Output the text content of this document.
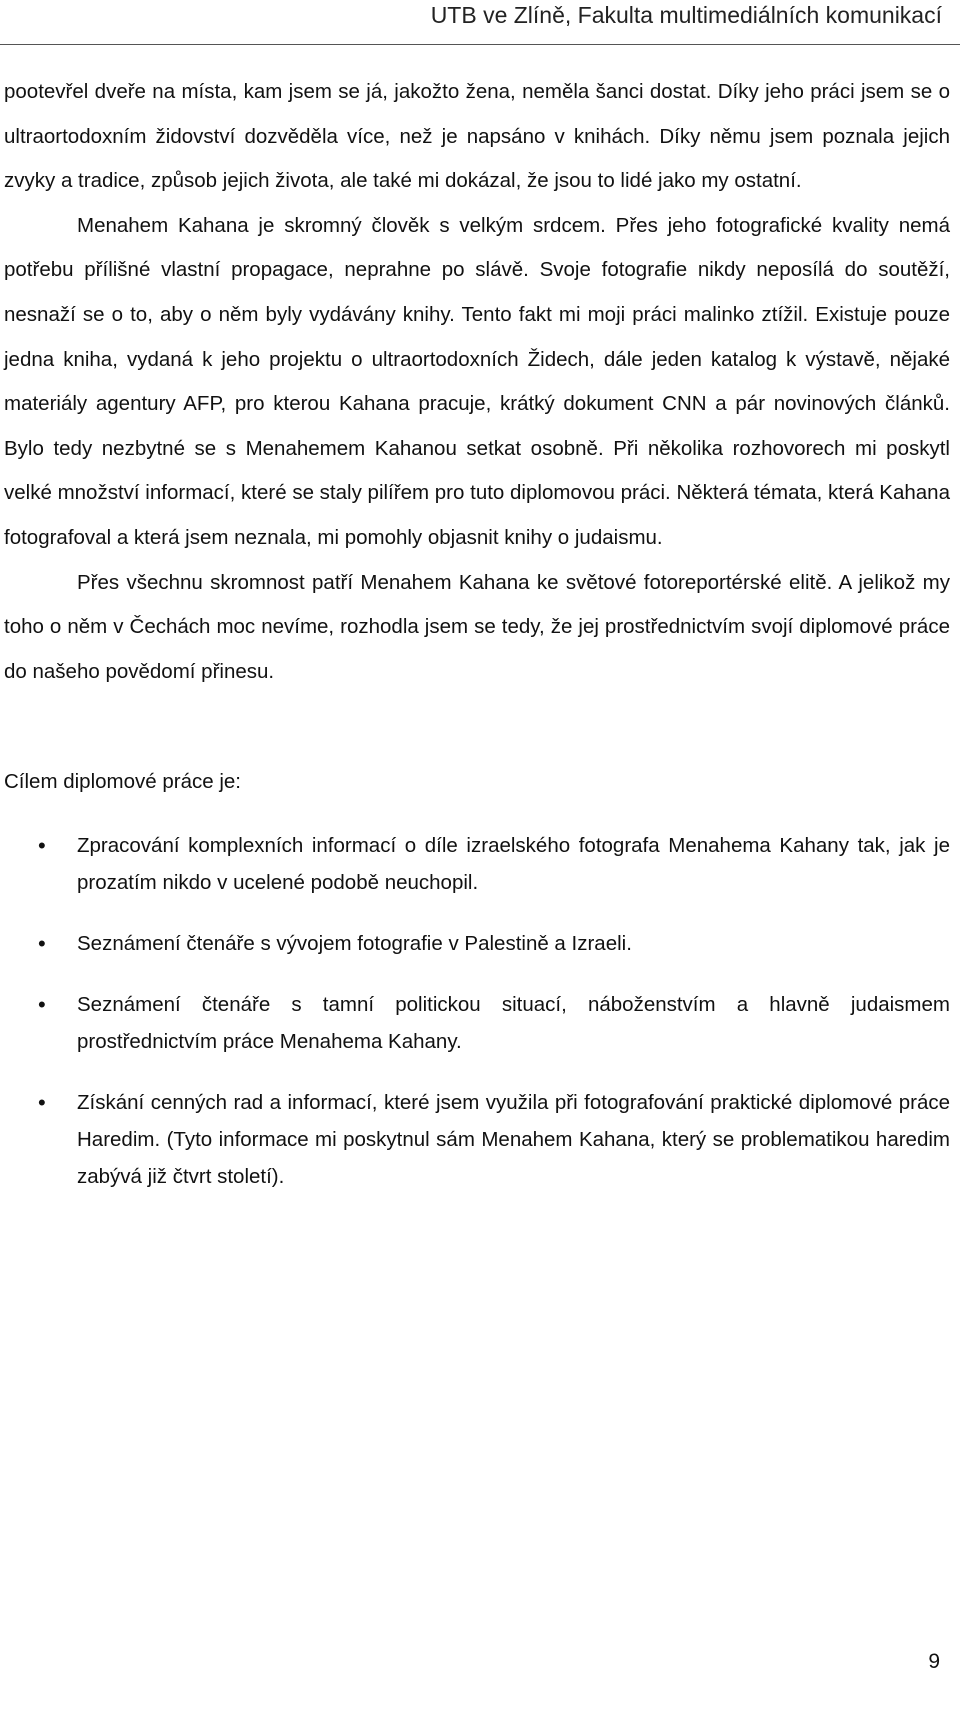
UTB ve Zlíně, Fakulta multimediálních komunikací

pootevřel dveře na místa, kam jsem se já, jakožto žena, neměla šanci dostat. Díky jeho práci jsem se o ultraortodoxním židovství dozvěděla více, než je napsáno v knihách. Díky němu jsem poznala jejich zvyky a tradice, způsob jejich života, ale také mi dokázal, že jsou to lidé jako my ostatní.

Menahem Kahana je skromný člověk s velkým srdcem. Přes jeho fotografické kvality nemá potřebu přílišné vlastní propagace, neprahne po slávě. Svoje fotografie nikdy neposílá do soutěží, nesnaží se o to, aby o něm byly vydávány knihy. Tento fakt mi moji práci malinko ztížil. Existuje pouze jedna kniha, vydaná k jeho projektu o ultraortodoxních Židech, dále jeden katalog k výstavě, nějaké materiály agentury AFP, pro kterou Kahana pracuje, krátký dokument CNN a pár novinových článků. Bylo tedy nezbytné se s Menahemem Kahanou setkat osobně. Při několika rozhovorech mi poskytl velké množství informací, které se staly pilířem pro tuto diplomovou práci. Některá témata, která Kahana fotografoval a která jsem neznala, mi pomohly objasnit knihy o judaismu.

Přes všechnu skromnost patří Menahem Kahana ke světové fotoreportérské elitě. A jelikož my toho o něm v Čechách moc nevíme, rozhodla jsem se tedy, že jej prostřednictvím svojí diplomové práce do našeho povědomí přinesu.

Cílem diplomové práce je:

• Zpracování komplexních informací o díle izraelského fotografa Menahema Kahany tak, jak je prozatím nikdo v ucelené podobě neuchopil.
• Seznámení čtenáře s vývojem fotografie v Palestině a Izraeli.
• Seznámení čtenáře s tamní politickou situací, náboženstvím a hlavně judaismem prostřednictvím práce Menahema Kahany.
• Získání cenných rad a informací, které jsem využila při fotografování praktické diplomové práce Haredim. (Tyto informace mi poskytnul sám Menahem Kahana, který se problematikou haredim zabývá již čtvrt století).
9
